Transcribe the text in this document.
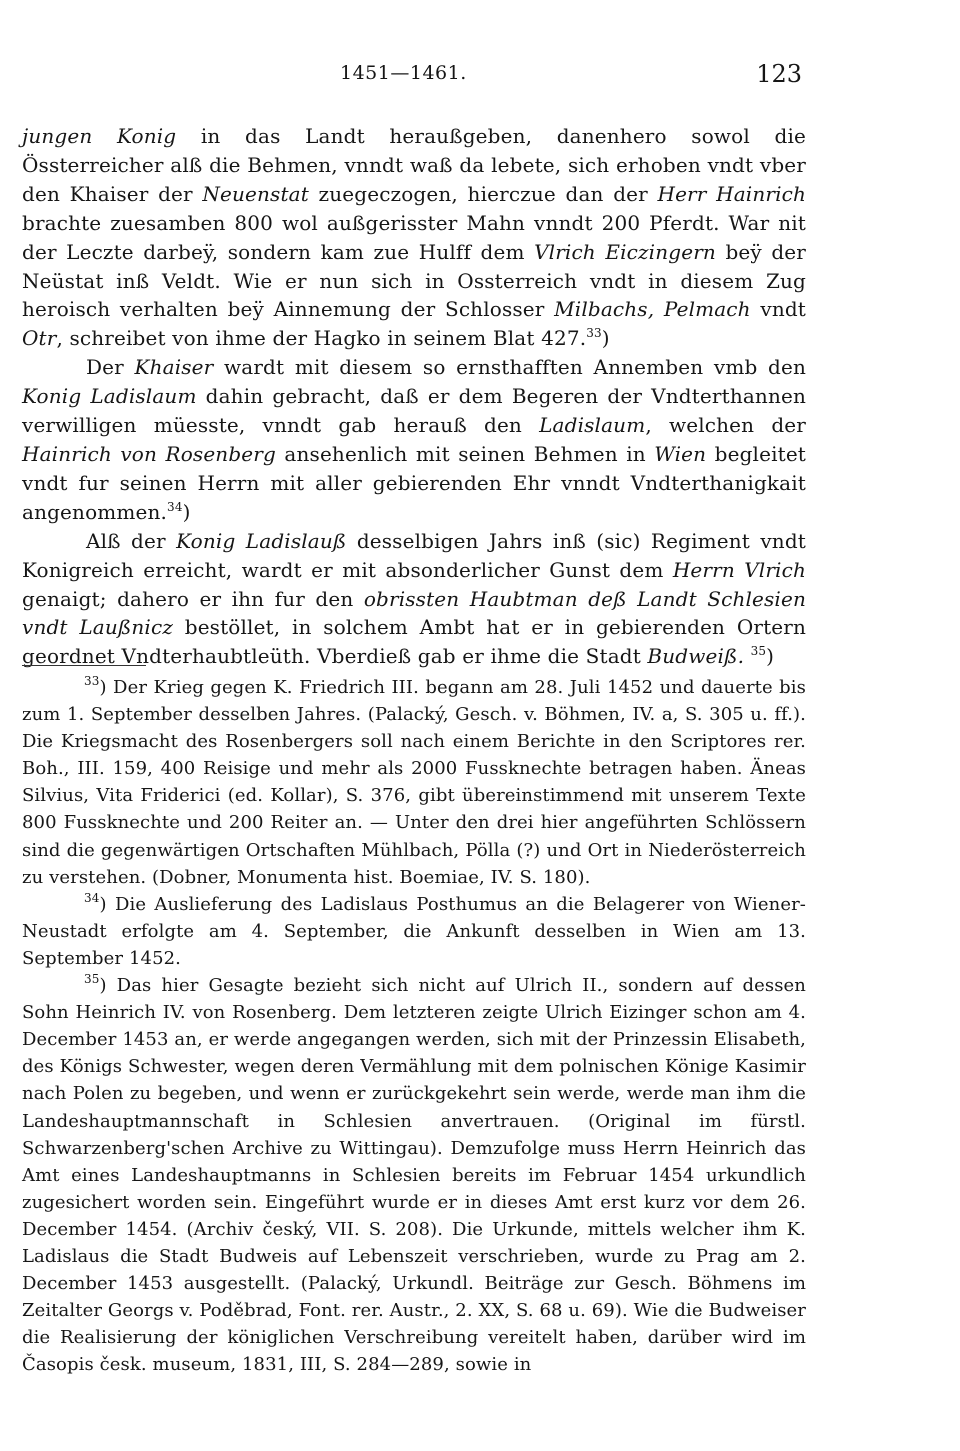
1451—1461.	123

jungen Konig in das Landt heraußgeben, danenhero sowol die Össterreicher alß die Behmen, vnndt waß da lebete, sich erhoben vndt vber den Khaiser der Neuenstat zuegeczogen, hierczue dan der Herr Hainrich brachte zuesamben 800 wol außgerisster Mahn vnndt 200 Pferdt. War nit der Leczte darbeÿ, sondern kam zue Hulff dem Vlrich Eiczingern beÿ der Neüstat inß Veldt. Wie er nun sich in Ossterreich vndt in diesem Zug heroisch verhalten beÿ Ainnemung der Schlosser Milbachs, Pelmach vndt Otr, schreibet von ihme der Hagko in seinem Blat 427.33)

Der Khaiser wardt mit diesem so ernsthafften Annemben vmb den Konig Ladislaum dahin gebracht, daß er dem Begeren der Vndterthannen verwilligen müesste, vnndt gab herauß den Ladislaum, welchen der Hainrich von Rosenberg ansehenlich mit seinen Behmen in Wien begleitet vndt fur seinen Herrn mit aller gebierenden Ehr vnndt Vndterthanigkait angenommen.$^{34}$)

Alß der Konig Ladislauß desselbigen Jahrs inß (sic) Regiment vndt Konigreich erreicht, wardt er mit absonderlicher Gunst dem Herrn Vlrich genaigt; dahero er ihn fur den obrissten Haubtman deß Landt Schlesien vndt Laußnicz bestöllet, in solchem Ambt hat er in gebierenden Ortern geordnet Vndterhaubtleüth. Vberdieß gab er ihme die Stadt Budweiß. $^{35}$)

$^{33}$) Der Krieg gegen K. Friedrich III. begann am 28. Juli 1452 und dauerte bis zum 1. September desselben Jahres. (Palacký, Gesch. v. Böhmen, IV. a, S. 305 u. ff.). Die Kriegsmacht des Rosenbergers soll nach einem Berichte in den Scriptores rer. Boh., III. 159, 400 Reisige und mehr als 2000 Fussknechte betragen haben. Äneas Silvius, Vita Friderici (ed. Kollar), S. 376, gibt übereinstimmend mit unserem Texte 800 Fussknechte und 200 Reiter an. — Unter den drei hier angeführten Schlössern sind die gegenwärtigen Ortschaften Mühlbach, Pölla (?) und Ort in Niederösterreich zu verstehen. (Dobner, Monumenta hist. Boemiae, IV. S. 180).

$^{34}$) Die Auslieferung des Ladislaus Posthumus an die Belagerer von Wiener-Neustadt erfolgte am 4. September, die Ankunft desselben in Wien am 13. September 1452.

$^{35}$) Das hier Gesagte bezieht sich nicht auf Ulrich II., sondern auf dessen Sohn Heinrich IV. von Rosenberg. Dem letzteren zeigte Ulrich Eizinger schon am 4. December 1453 an, er werde angegangen werden, sich mit der Prinzessin Elisabeth, des Königs Schwester, wegen deren Vermählung mit dem polnischen Könige Kasimir nach Polen zu begeben, und wenn er zurückgekehrt sein werde, werde man ihm die Landeshauptmannschaft in Schlesien anvertrauen. (Original im fürstl. Schwarzenberg'schen Archive zu Wittingau). Demzufolge muss Herrn Heinrich das Amt eines Landeshauptmanns in Schlesien bereits im Februar 1454 urkundlich zugesichert worden sein. Eingeführt wurde er in dieses Amt erst kurz vor dem 26. December 1454. (Archiv český, VII. S. 208). Die Urkunde, mittels welcher ihm K. Ladislaus die Stadt Budweis auf Lebenszeit verschrieben, wurde zu Prag am 2. December 1453 ausgestellt. (Palacký, Urkundl. Beiträge zur Gesch. Böhmens im Zeitalter Georgs v. Poděbrad, Font. rer. Austr., 2. XX, S. 68 u. 69). Wie die Budweiser die Realisierung der königlichen Verschreibung vereitelt haben, darüber wird im Časopis česk. museum, 1831, III, S. 284—289, sowie in
